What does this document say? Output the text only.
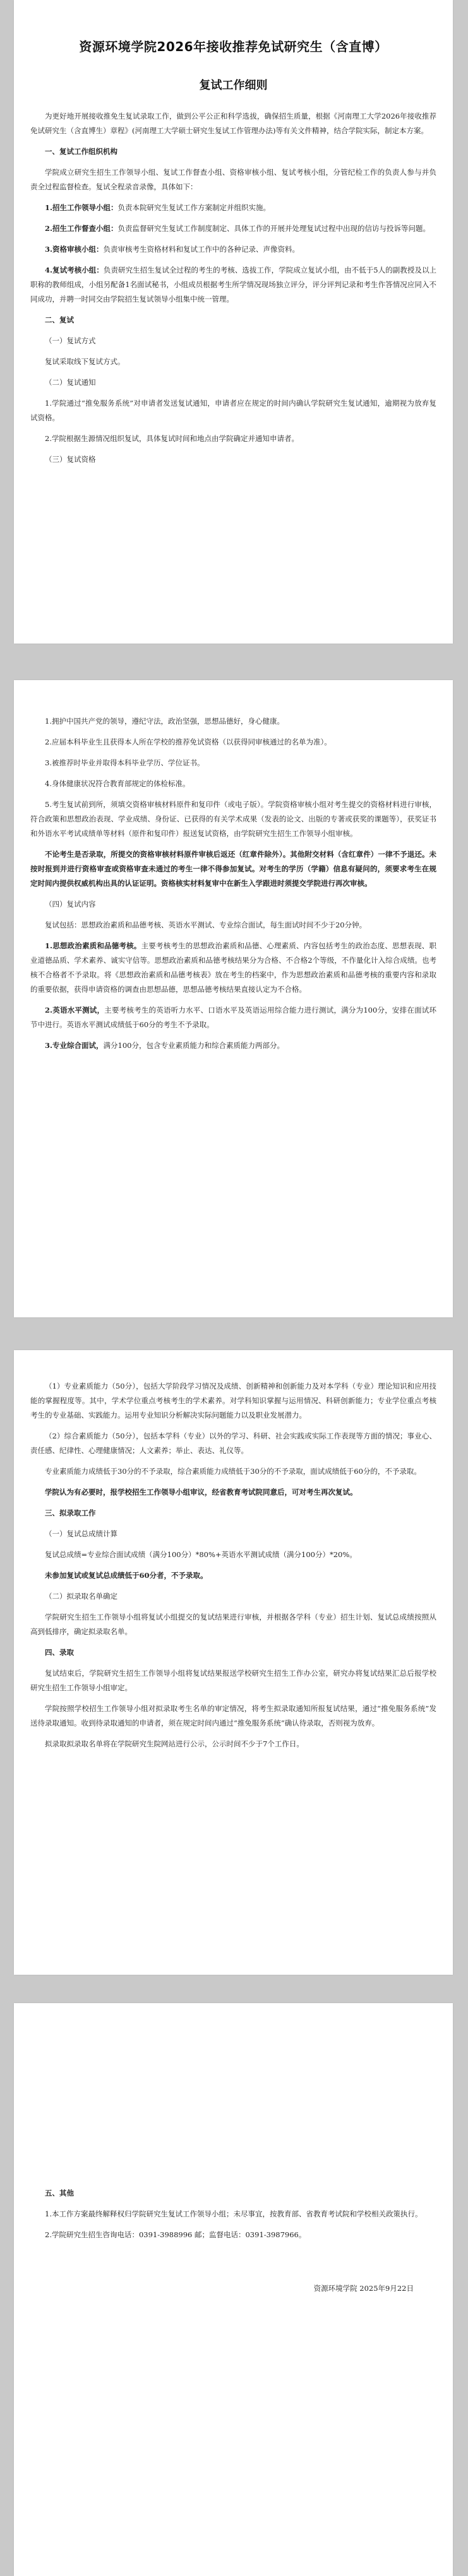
资源环境学院2026年接收推荐免试研究生（含直博）
复试工作细则

为更好地开展接收推免生复试录取工作，做到公平公正和科学选拔，确保招生质量，根据《河南理工大学2026年接收推荐免试研究生（含直博生）章程》(河南理工大学硕士研究生复试工作管理办法)等有关文件精神，结合学院实际，制定本方案。

一、复试工作组织机构

学院成立研究生招生工作领导小组、复试工作督查小组、资格审核小组、复试考核小组，分管纪检工作的负责人参与并负责全过程监督检查。复试全程录音录像，具体如下：

1.招生工作领导小组：负责本院研究生复试工作方案制定并组织实施。

2.招生工作督查小组：负责监督研究生复试工作制度制定、具体工作的开展并处理复试过程中出现的信访与投诉等问题。

3.资格审核小组：负责审核考生资格材料和复试工作中的各种记录、声像资料。

4.复试考核小组：负责研究生招生复试全过程的考生的考核、选拔工作，学院成立复试小组，由不低于5人的副教授及以上职称的教师组成，小组另配备1名面试秘书，小组成员根据考生所学情况现场独立评分，评分评判记录和考生作答情况应同入不同成功，并聘一时同交由学院招生复试领导小组集中统一管理。

二、复试

（一）复试方式

复试采取线下复试方式。

（二）复试通知

1.学院通过“推免服务系统”对申请者发送复试通知，申请者应在规定的时间内确认学院研究生复试通知，逾期视为放弃复试资格。

2.学院根据生源情况组织复试，具体复试时间和地点由学院确定并通知申请者。

（三）复试资格

1.拥护中国共产党的领导，遵纪守法，政治坚强，思想品德好，身心健康。

2.应届本科毕业生且获得本人所在学校的推荐免试资格（以获得同审核通过的名单为准）。

3.被推荐时毕业并取得本科毕业学历、学位证书。

4.身体健康状况符合教育部规定的体检标准。

5.考生复试前到所，须填交资格审核材料原件和复印件（或电子版）。学院资格审核小组对考生提交的资格材料进行审核，符合政策和思想政治表现、学业成绩、身份证、已获得的有关学术成果（发表的论文、出版的专著或获奖的课题等），获奖证书和外语水平考试成绩单等材料（原件和复印件）报送复试资格，由学院研究生招生工作领导小组审核。

不论考生是否录取，所提交的资格审核材料原件审核后返还（红章件除外）。其他附交材料（含红章件）一律不予退还。未按时报到并进行资格审查或资格审查未通过的考生一律不得参加复试。对考生的学历（学籍）信息有疑问的，须要求考生在规定时间内提供权威机构出具的认证证明。资格核实材料复审中在新生入学跟进时须提交学院进行再次审核。

（四）复试内容

复试包括：思想政治素质和品德考核、英语水平测试、专业综合面试，每生面试时间不少于20分钟。

1.思想政治素质和品德考核。主要考核考生的思想政治素质和品德、心理素质、内容包括考生的政治态度、思想表现、职业道德品质、学术素养、诚实守信等。思想政治素质和品德考核结果分为合格、不合格2个等级，不作量化计入综合成绩。也考核不合格者不予录取。将《思想政治素质和品德考核表》放在考生的档案中，作为思想政治素质和品德考核的重要内容和录取的重要依据，获得申请资格的调查由思想品德，思想品德考核结果直接认定为不合格。

2.英语水平测试，主要考核考生的英语听力水平、口语水平及英语运用综合能力进行测试，满分为100分，安排在面试环节中进行。英语水平测试成绩低于60分的考生不予录取。

3.专业综合面试，满分100分，包含专业素质能力和综合素质能力两部分。

（1）专业素质能力（50分），包括大学阶段学习情况及成绩、创新精神和创新能力及对本学科（专业）理论知识和应用技能的掌握程度等。其中，学术学位重点考核考生的学术素养。对学科知识掌握与运用情况、科研创新能力；专业学位重点考核考生的专业基础、实践能力。运用专业知识分析解决实际问题能力以及职业发展潜力。

（2）综合素质能力（50分），包括本学科（专业）以外的学习、科研、社会实践或实际工作表现等方面的情况；事业心、责任感、纪律性、心理健康情况；人文素养；举止、表达、礼仪等。

专业素质能力成绩低于30分的不予录取，综合素质能力成绩低于30分的不予录取，面试成绩低于60分的，不予录取。

学院认为有必要时，报学校招生工作领导小组审议，经省教育考试院同意后，可对考生再次复试。

三、拟录取工作

（一）复试总成绩计算

复试总成绩=专业综合面试成绩（满分100分）*80%+英语水平测试成绩（满分100分）*20%。

未参加复试或复试总成绩低于60分者，不予录取。

（二）拟录取名单确定

学院研究生招生工作领导小组将复试小组提交的复试结果进行审核，并根据各学科（专业）招生计划、复试总成绩按照从高到低排序，确定拟录取名单。

四、录取

复试结束后，学院研究生招生工作领导小组将复试结果报送学校研究生招生工作办公室，研究办将复试结果汇总后报学校研究生招生工作领导小组审定。

学院按照学校招生工作领导小组对拟录取考生名单的审定情况，将考生拟录取通知所报复试结果，通过“推免服务系统”发送待录取通知。收到待录取通知的申请者，须在规定时间内通过“推免服务系统”确认待录取，否则视为放弃。

拟录取拟录取名单将在学院研究生院网站进行公示，公示时间不少于7个工作日。

五、其他

1.本工作方案最终解释权归学院研究生复试工作领导小组；未尽事宜，按教育部、省教育考试院和学校相关政策执行。

2.学院研究生招生咨询电话：0391-3988996 邮；监督电话：0391-3987966。

资源环境学院 2025年9月22日
